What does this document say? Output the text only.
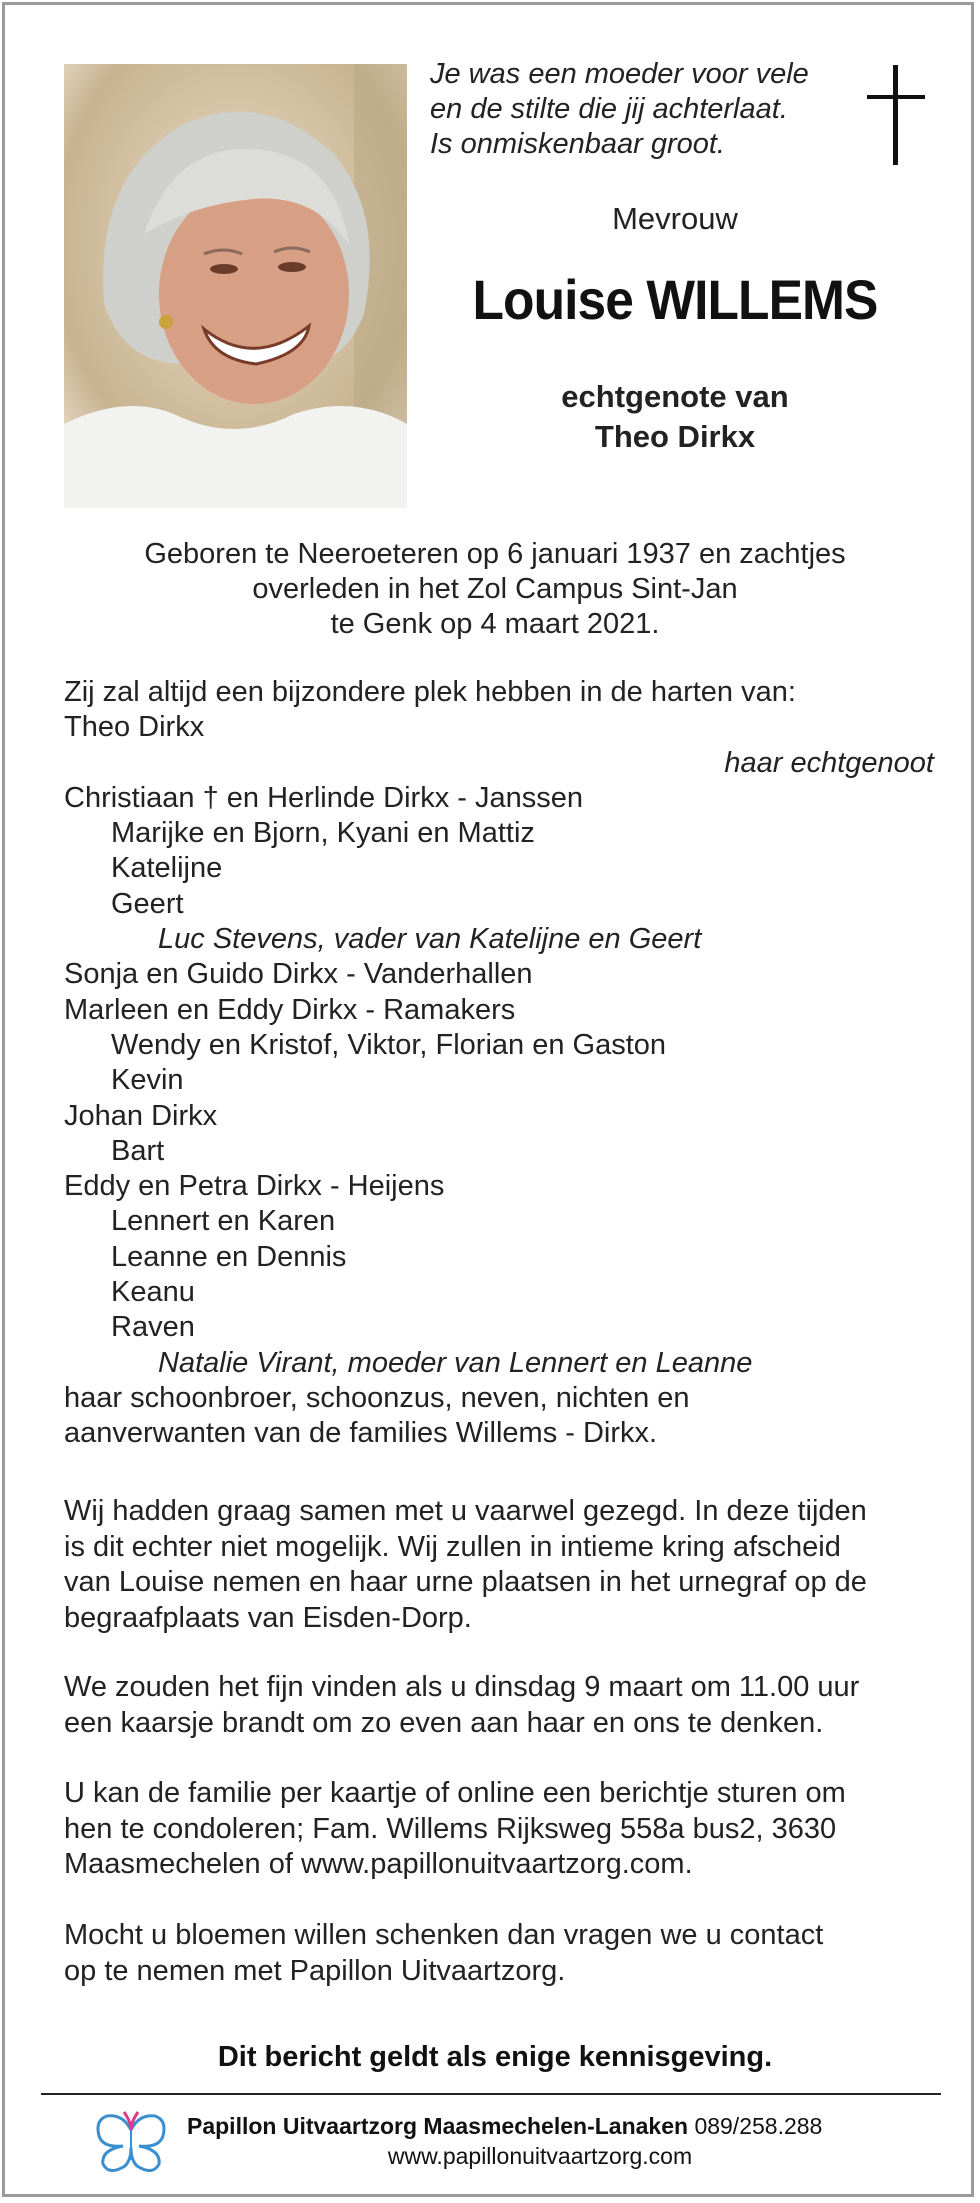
Je was een moeder voor vele
en de stilte die jij achterlaat.
Is onmiskenbaar groot.
Mevrouw
Louise WILLEMS
echtgenote van
Theo Dirkx
Geboren te Neeroeteren op 6 januari 1937 en zachtjes
overleden in het Zol Campus Sint-Jan
te Genk op 4 maart 2021.
Zij zal altijd een bijzondere plek hebben in de harten van:
Theo Dirkx
haar echtgenoot
Christiaan † en Herlinde Dirkx - Janssen
Marijke en Bjorn, Kyani en Mattiz
Katelijne
Geert
Luc Stevens, vader van Katelijne en Geert
Sonja en Guido Dirkx - Vanderhallen
Marleen en Eddy Dirkx - Ramakers
Wendy en Kristof, Viktor, Florian en Gaston
Kevin
Johan Dirkx
Bart
Eddy en Petra Dirkx - Heijens
Lennert en Karen
Leanne en Dennis
Keanu
Raven
Natalie Virant, moeder van Lennert en Leanne
haar schoonbroer, schoonzus, neven, nichten en
aanverwanten van de families Willems - Dirkx.
Wij hadden graag samen met u vaarwel gezegd. In deze tijden
is dit echter niet mogelijk. Wij zullen in intieme kring afscheid
van Louise nemen en haar urne plaatsen in het urnegraf op de
begraafplaats van Eisden-Dorp.
We zouden het fijn vinden als u dinsdag 9 maart om 11.00 uur
een kaarsje brandt om zo even aan haar en ons te denken.
U kan de familie per kaartje of online een berichtje sturen om
hen te condoleren; Fam. Willems Rijksweg 558a bus2, 3630
Maasmechelen of www.papillonuitvaartzorg.com.
Mocht u bloemen willen schenken dan vragen we u contact
op te nemen met Papillon Uitvaartzorg.
Dit bericht geldt als enige kennisgeving.
Papillon Uitvaartzorg Maasmechelen-Lanaken 089/258.288
www.papillonuitvaartzorg.com
